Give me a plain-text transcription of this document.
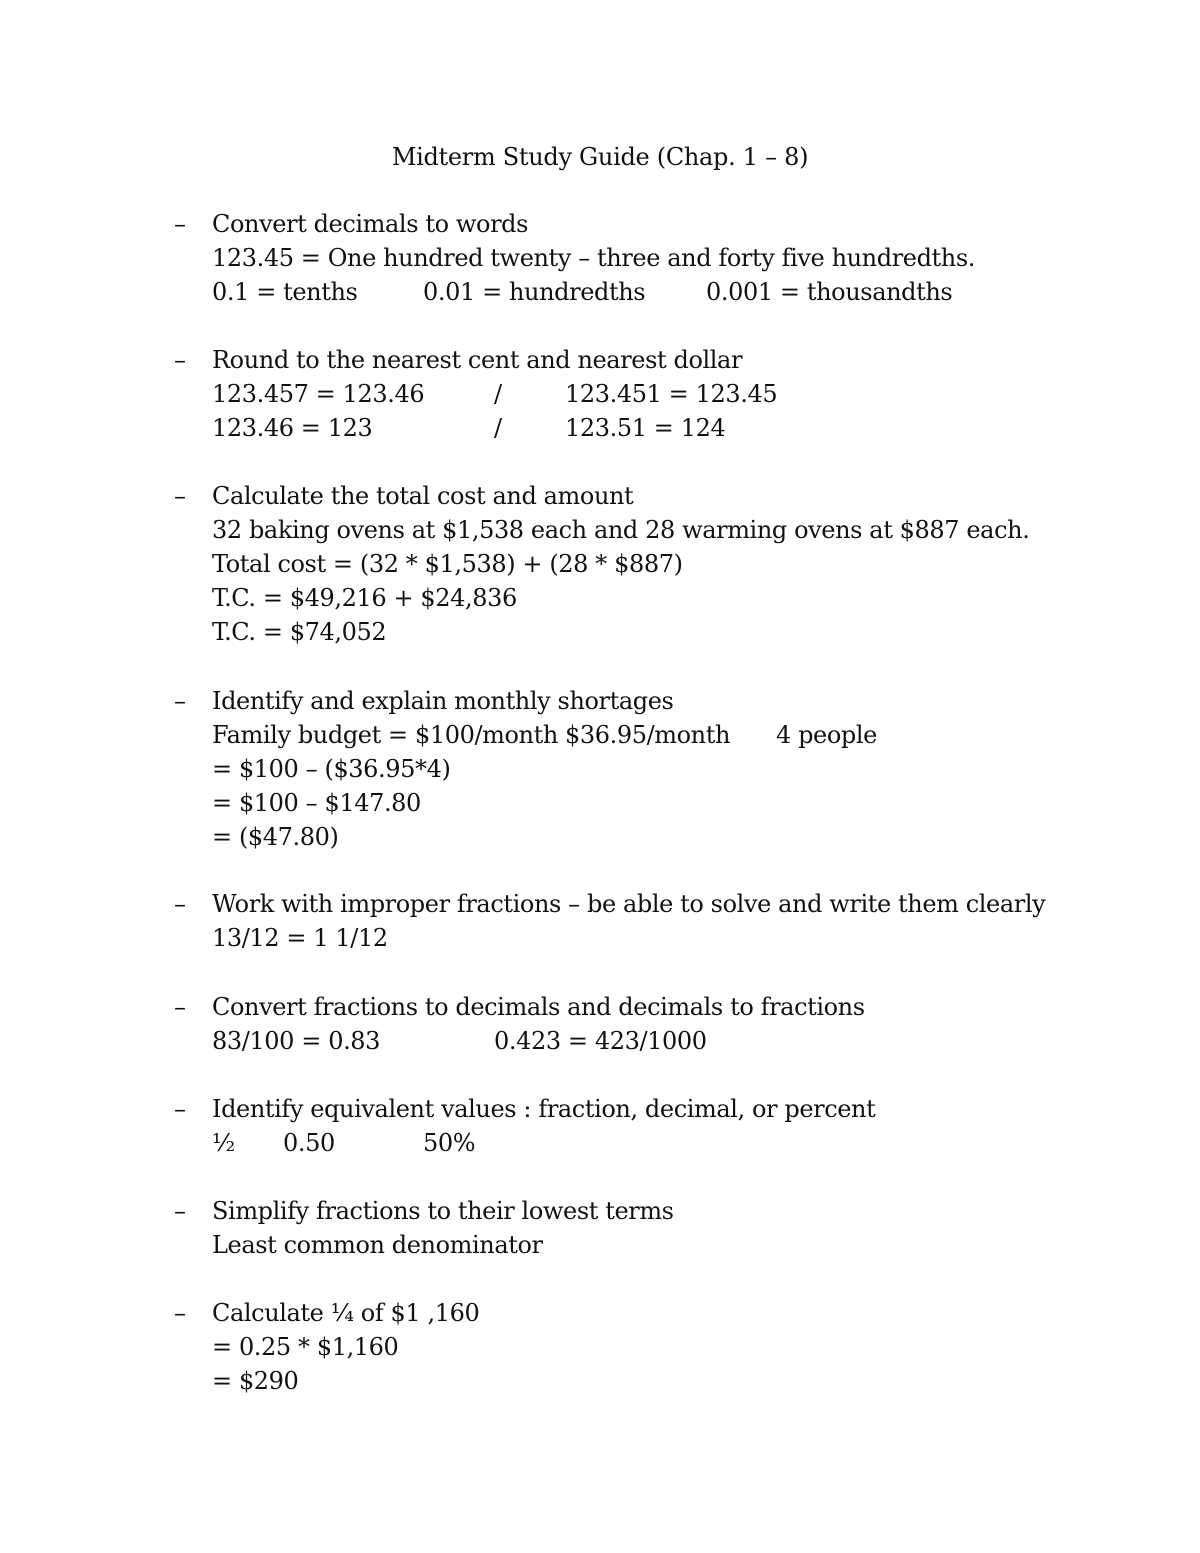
Midterm Study Guide (Chap. 1 – 8)
– Convert decimals to words
123.45 = One hundred twenty – three and forty five hundredths.
0.1 = tenths	0.01 = hundredths	0.001 = thousandths
– Round to the nearest cent and nearest dollar
123.457 = 123.46	/	123.451 = 123.45
123.46 = 123	/	123.51 = 124
– Calculate the total cost and amount
32 baking ovens at $1,538 each and 28 warming ovens at $887 each.
Total cost = (32 * $1,538) + (28 * $887)
T.C. = $49,216 + $24,836
T.C. = $74,052
– Identify and explain monthly shortages
Family budget = $100/month $36.95/month 4 people
= $100 – ($36.95*4)
= $100 – $147.80
= ($47.80)
– Work with improper fractions – be able to solve and write them clearly
13/12 = 1 1/12
– Convert fractions to decimals and decimals to fractions
83/100 = 0.83	0.423 = 423/1000
– Identify equivalent values : fraction, decimal, or percent
½ 0.50	50%
– Simplify fractions to their lowest terms
Least common denominator
– Calculate ¼ of $1 ,160
= 0.25 * $1,160
= $290
